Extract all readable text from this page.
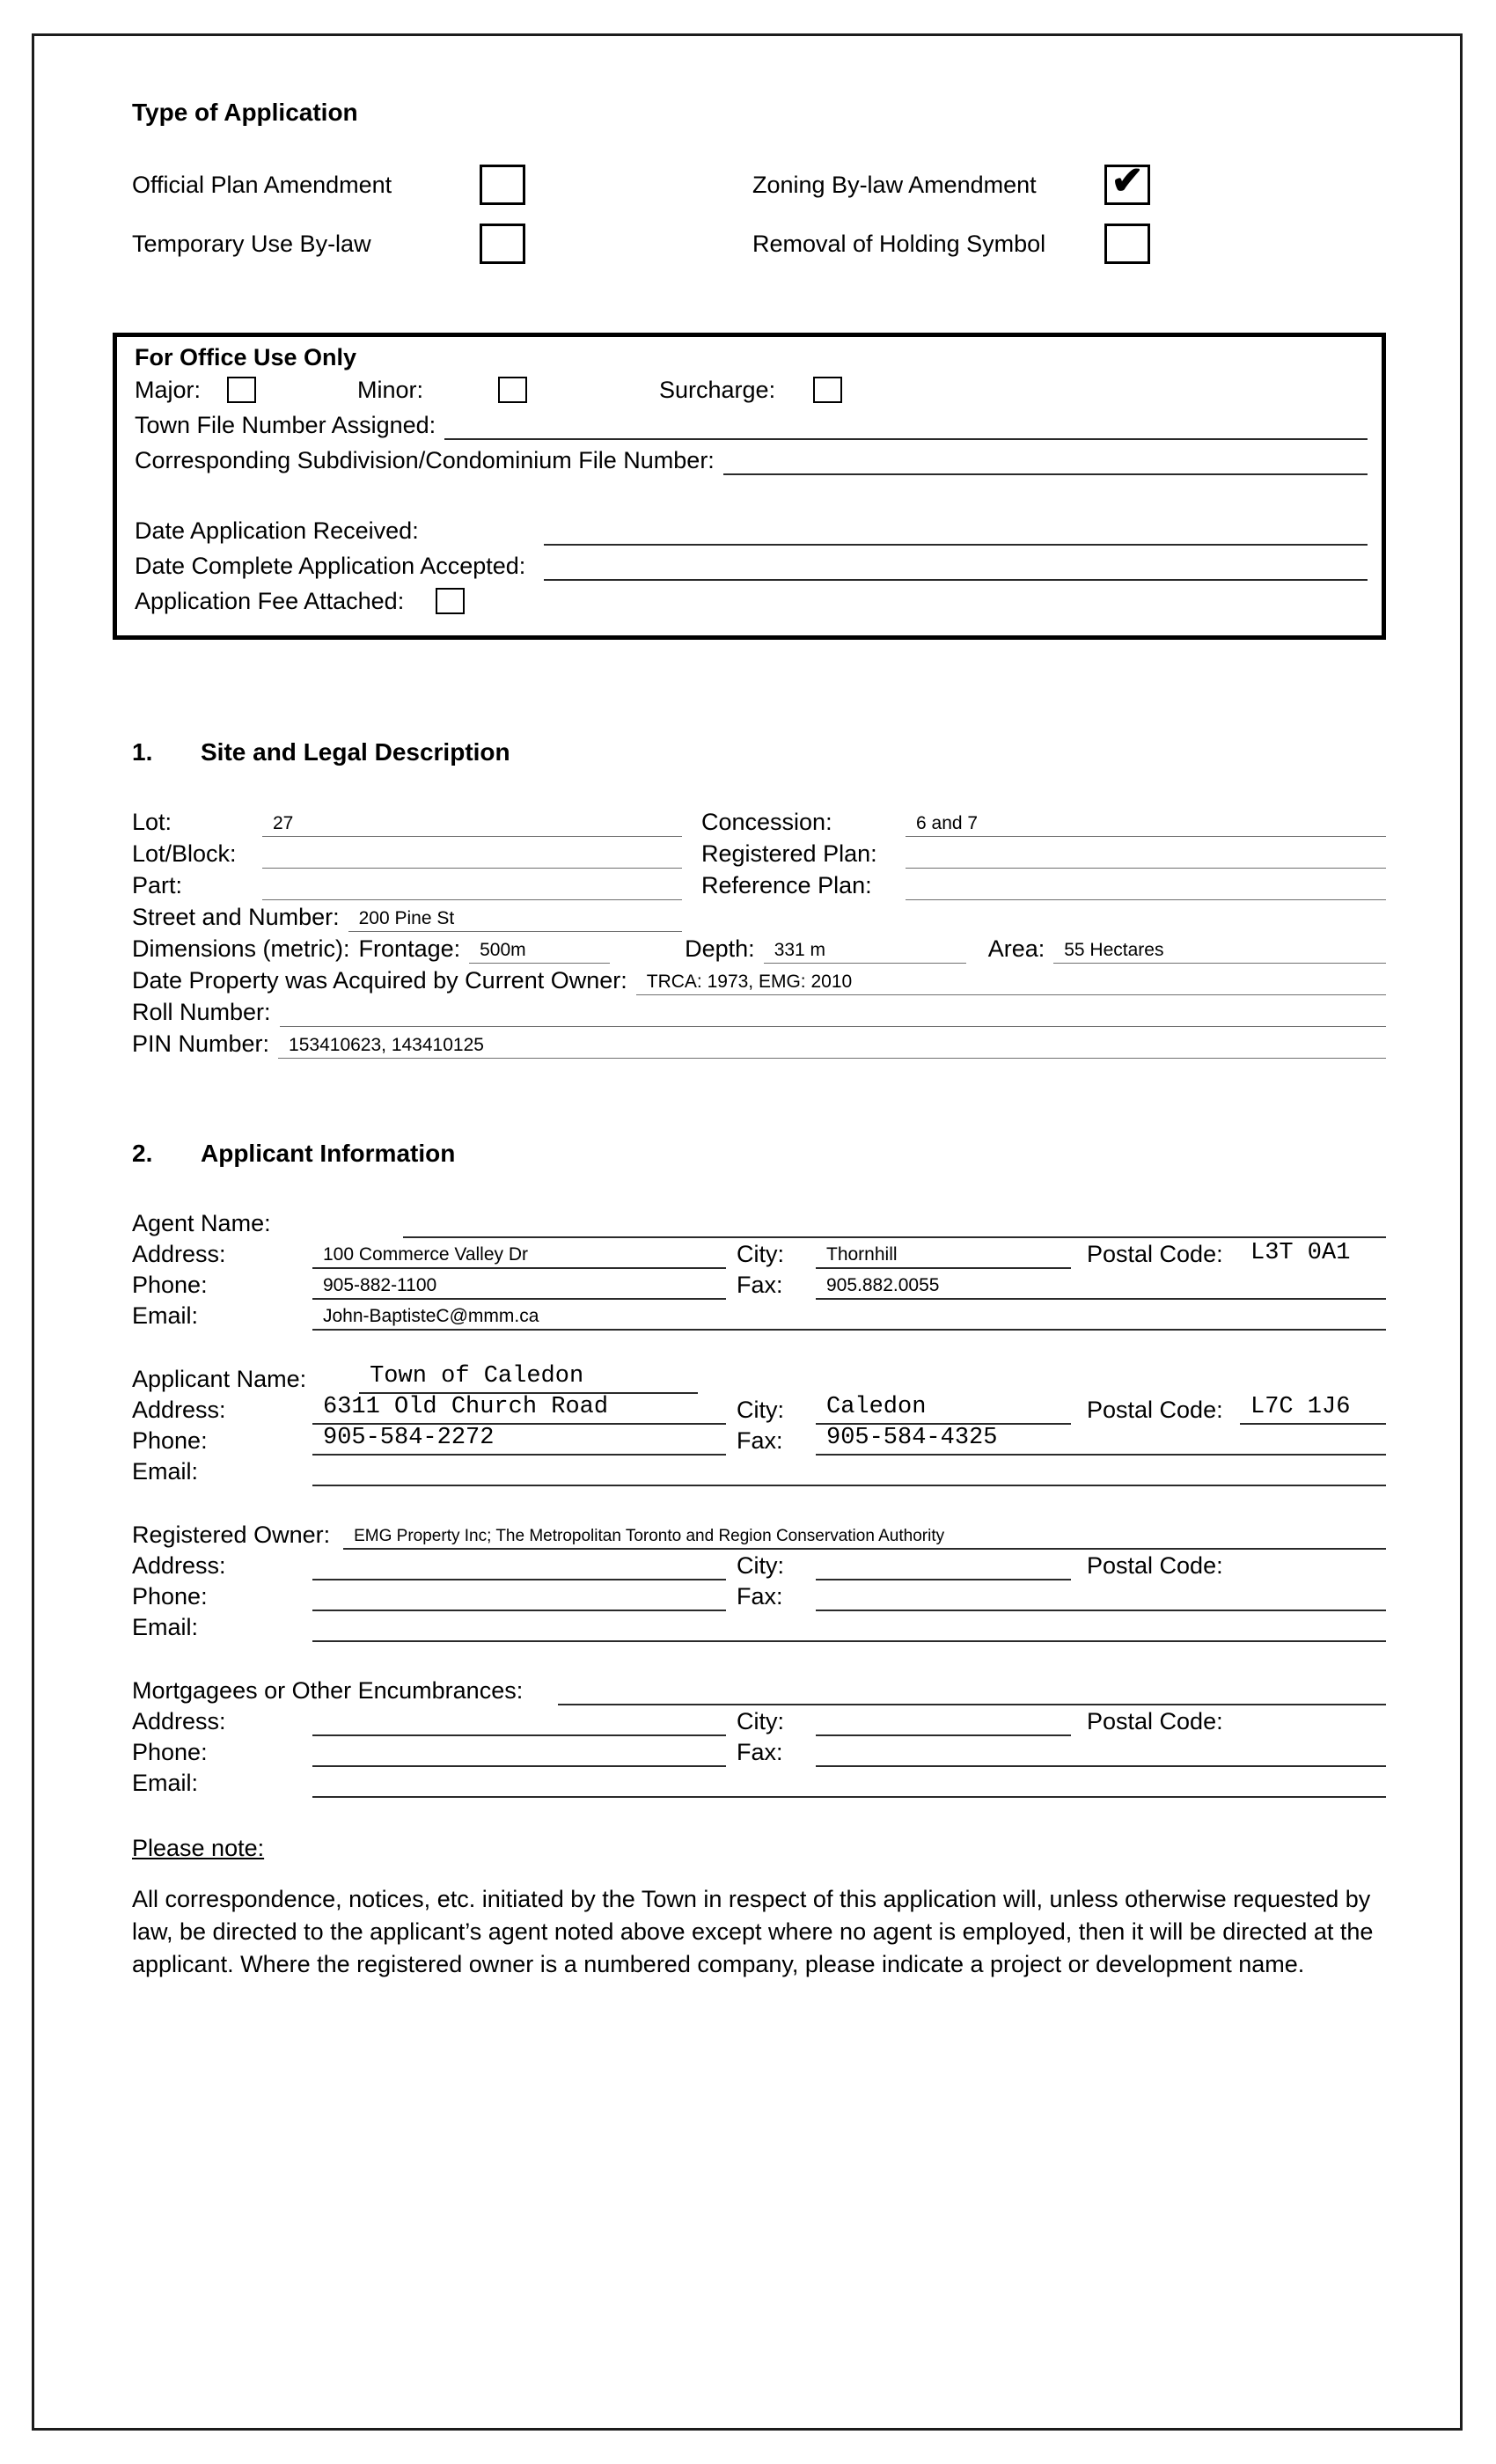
Type of Application
Official Plan Amendment	Zoning By-law Amendment	✔
Temporary Use By-law	Removal of Holding Symbol
For Office Use Only
Major:	Minor:	Surcharge:
Town File Number Assigned:
Corresponding Subdivision/Condominium File Number:
Date Application Received:
Date Complete Application Accepted:
Application Fee Attached:
1.	Site and Legal Description
Lot:	27	Concession:	6 and 7
Lot/Block:	Registered Plan:
Part:	Reference Plan:
Street and Number:	200 Pine St
Dimensions (metric): Frontage:	500m	Depth:	331 m	Area:	55 Hectares
Date Property was Acquired by Current Owner:	TRCA: 1973, EMG: 2010
Roll Number:
PIN Number:	153410623, 143410125
2.	Applicant Information
Agent Name:
Address:	100 Commerce Valley Dr	City:	Thornhill	Postal Code:	L3T 0A1
Phone:	905-882-1100	Fax:	905.882.0055
Email:	John-BaptisteC@mmm.ca
Applicant Name:	Town of Caledon
Address:	6311 Old Church Road	City:	Caledon	Postal Code:	L7C 1J6
Phone:	905-584-2272	Fax:	905-584-4325
Email:
Registered Owner:	EMG Property Inc; The Metropolitan Toronto and Region Conservation Authority
Address:	City:	Postal Code:
Phone:	Fax:
Email:
Mortgagees or Other Encumbrances:
Address:	City:	Postal Code:
Phone:	Fax:
Email:
Please note:
All correspondence, notices, etc. initiated by the Town in respect of this application will, unless otherwise requested by law, be directed to the applicant’s agent noted above except where no agent is employed, then it will be directed at the applicant. Where the registered owner is a numbered company, please indicate a project or development name.
